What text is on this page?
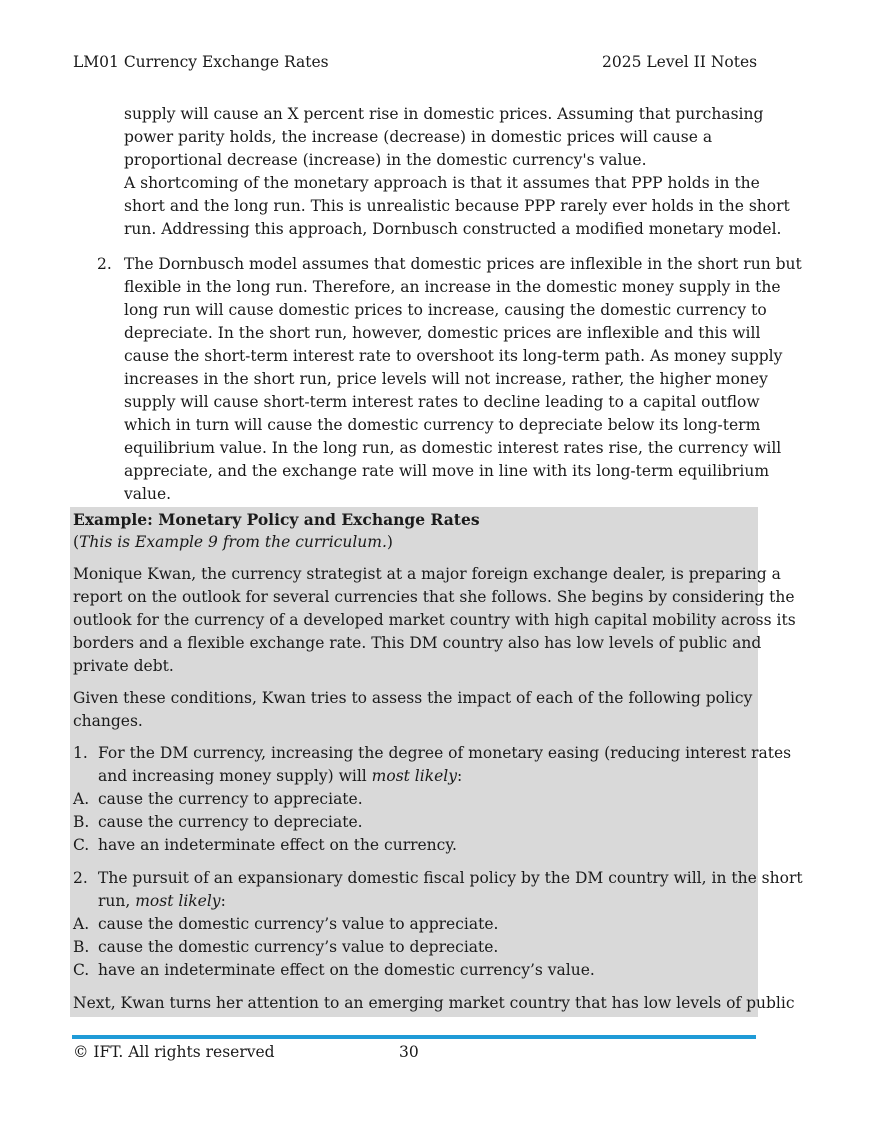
LM01 Currency Exchange Rates	2025 Level II Notes
supply will cause an X percent rise in domestic prices. Assuming that purchasing
power parity holds, the increase (decrease) in domestic prices will cause a
proportional decrease (increase) in the domestic currency's value.
A shortcoming of the monetary approach is that it assumes that PPP holds in the
short and the long run. This is unrealistic because PPP rarely ever holds in the short
run. Addressing this approach, Dornbusch constructed a modified monetary model.
2. The Dornbusch model assumes that domestic prices are inflexible in the short run but
flexible in the long run. Therefore, an increase in the domestic money supply in the
long run will cause domestic prices to increase, causing the domestic currency to
depreciate. In the short run, however, domestic prices are inflexible and this will
cause the short-term interest rate to overshoot its long-term path. As money supply
increases in the short run, price levels will not increase, rather, the higher money
supply will cause short-term interest rates to decline leading to a capital outflow
which in turn will cause the domestic currency to depreciate below its long-term
equilibrium value. In the long run, as domestic interest rates rise, the currency will
appreciate, and the exchange rate will move in line with its long-term equilibrium
value.
Example: Monetary Policy and Exchange Rates
(This is Example 9 from the curriculum.)
Monique Kwan, the currency strategist at a major foreign exchange dealer, is preparing a
report on the outlook for several currencies that she follows. She begins by considering the
outlook for the currency of a developed market country with high capital mobility across its
borders and a flexible exchange rate. This DM country also has low levels of public and
private debt.
Given these conditions, Kwan tries to assess the impact of each of the following policy
changes.
1. For the DM currency, increasing the degree of monetary easing (reducing interest rates
and increasing money supply) will most likely:
A. cause the currency to appreciate.
B. cause the currency to depreciate.
C. have an indeterminate effect on the currency.
2. The pursuit of an expansionary domestic fiscal policy by the DM country will, in the short
run, most likely:
A. cause the domestic currency’s value to appreciate.
B. cause the domestic currency’s value to depreciate.
C. have an indeterminate effect on the domestic currency’s value.
Next, Kwan turns her attention to an emerging market country that has low levels of public
© IFT. All rights reserved	30
